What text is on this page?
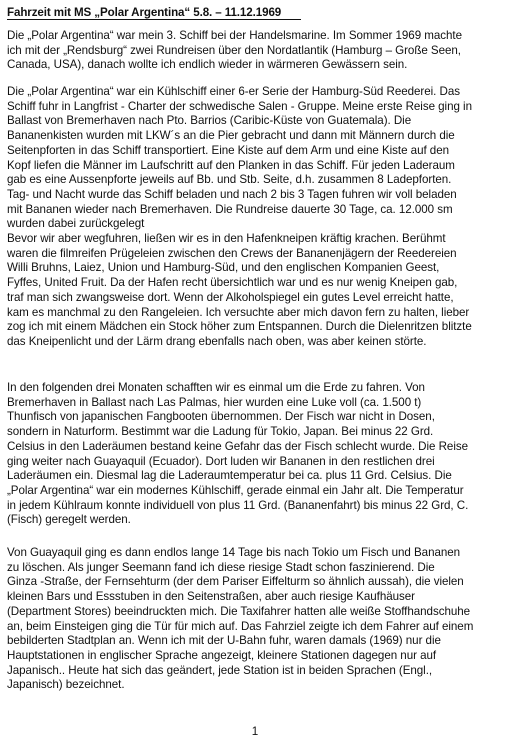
Fahrzeit mit MS „Polar Argentina“ 5.8. – 11.12.1969

Die „Polar Argentina“ war mein 3. Schiff bei der Handelsmarine. Im Sommer 1969 machte
ich mit der „Rendsburg“ zwei Rundreisen über den Nordatlantik (Hamburg – Große Seen,
Canada, USA), danach wollte ich endlich wieder in wärmeren Gewässern sein.

Die „Polar Argentina“ war ein Kühlschiff einer 6-er Serie der Hamburg-Süd Reederei. Das
Schiff fuhr in Langfrist - Charter der schwedische Salen - Gruppe. Meine erste Reise ging in
Ballast von Bremerhaven nach Pto. Barrios (Caribic-Küste von Guatemala). Die
Bananenkisten wurden mit LKW´s an die Pier gebracht und dann mit Männern durch die
Seitenpforten in das Schiff transportiert. Eine Kiste auf dem Arm und eine Kiste auf den
Kopf liefen die Männer im Laufschritt auf den Planken in das Schiff. Für jeden Laderaum
gab es eine Aussenpforte jeweils auf Bb. und Stb. Seite, d.h. zusammen 8 Ladepforten.
Tag- und Nacht wurde das Schiff beladen und nach 2 bis 3 Tagen fuhren wir voll beladen
mit Bananen wieder nach Bremerhaven. Die Rundreise dauerte 30 Tage, ca. 12.000 sm
wurden dabei zurückgelegt

Bevor wir aber wegfuhren, ließen wir es in den Hafenkneipen kräftig krachen. Berühmt
waren die filmreifen Prügeleien zwischen den Crews der Bananenjägern der Reedereien
Willi Bruhns, Laiez, Union und Hamburg-Süd, und den englischen Kompanien Geest,
Fyffes, United Fruit. Da der Hafen recht übersichtlich war und es nur wenig Kneipen gab,
traf man sich zwangsweise dort. Wenn der Alkoholspiegel ein gutes Level erreicht hatte,
kam es manchmal zu den Rangeleien. Ich versuchte aber mich davon fern zu halten, lieber
zog ich mit einem Mädchen ein Stock höher zum Entspannen. Durch die Dielenritzen blitzte
das Kneipenlicht und der Lärm drang ebenfalls nach oben, was aber keinen störte.

In den folgenden drei Monaten schafften wir es einmal um die Erde zu fahren. Von
Bremerhaven in Ballast nach Las Palmas, hier wurden eine Luke voll (ca. 1.500 t)
Thunfisch von japanischen Fangbooten übernommen. Der Fisch war nicht in Dosen,
sondern in Naturform. Bestimmt war die Ladung für Tokio, Japan. Bei minus 22 Grd.
Celsius in den Laderäumen bestand keine Gefahr das der Fisch schlecht wurde. Die Reise
ging weiter nach Guayaquil (Ecuador). Dort luden wir Bananen in den restlichen drei
Laderäumen ein. Diesmal lag die Laderaumtemperatur bei ca. plus 11 Grd. Celsius. Die
„Polar Argentina“ war ein modernes Kühlschiff, gerade einmal ein Jahr alt. Die Temperatur
in jedem Kühlraum konnte individuell von plus 11 Grd. (Bananenfahrt) bis minus 22 Grd, C.
(Fisch) geregelt werden.

Von Guayaquil ging es dann endlos lange 14 Tage bis nach Tokio um Fisch und Bananen
zu löschen. Als junger Seemann fand ich diese riesige Stadt schon faszinierend. Die
Ginza -Straße, der Fernsehturm (der dem Pariser Eiffelturm so ähnlich aussah), die vielen
kleinen Bars und Essstuben in den Seitenstraßen, aber auch riesige Kaufhäuser
(Department Stores) beeindruckten mich. Die Taxifahrer hatten alle weiße Stoffhandschuhe
an, beim Einsteigen ging die Tür für mich auf. Das Fahrziel zeigte ich dem Fahrer auf einem
bebilderten Stadtplan an. Wenn ich mit der U-Bahn fuhr, waren damals (1969) nur die
Hauptstationen in englischer Sprache angezeigt, kleinere Stationen dagegen nur auf
Japanisch.. Heute hat sich das geändert, jede Station ist in beiden Sprachen (Engl.,
Japanisch) bezeichnet.

1
